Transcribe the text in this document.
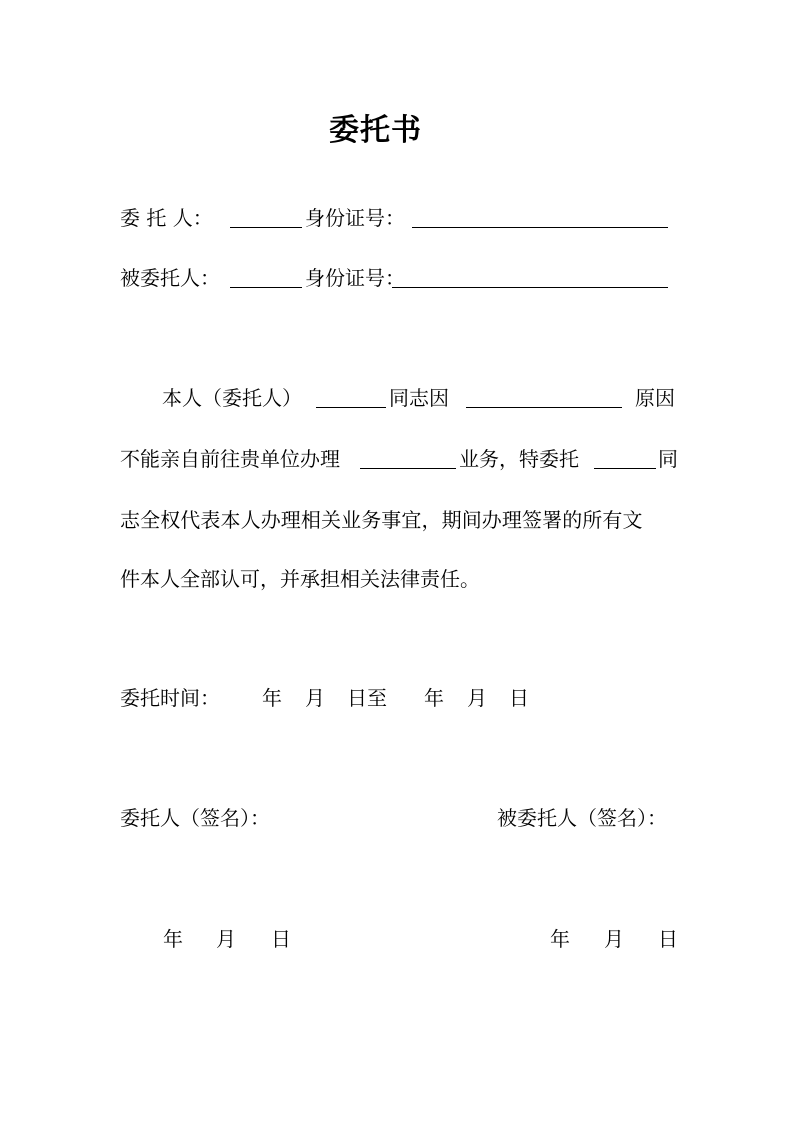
委托书
委 托 人：	身份证号：
被委托人：	身份证号：
本人（委托人）	同志因	原因
不能亲自前往贵单位办理	业务，特委托	同
志全权代表本人办理相关业务事宜，期间办理签署的所有文
件本人全部认可，并承担相关法律责任。
委托时间： 年 月 日至 年 月 日
委托人（签名）：	被委托人（签名）：
年 月 日	年 月 日
